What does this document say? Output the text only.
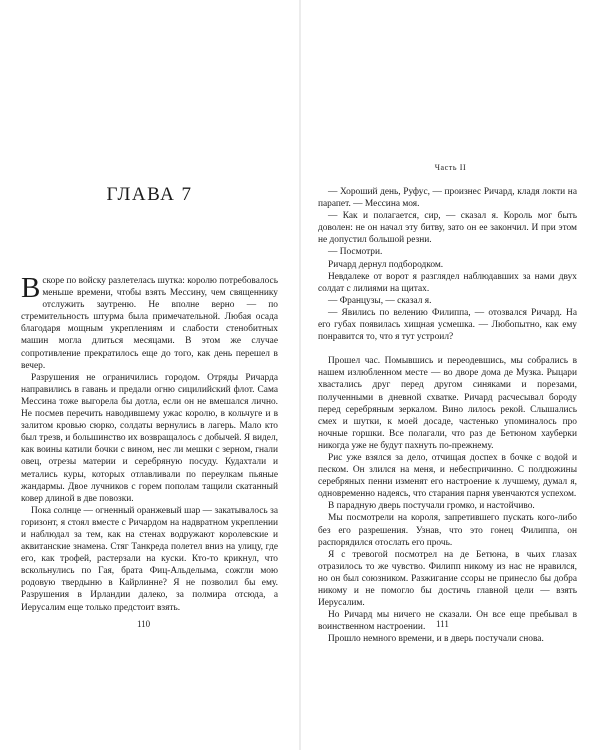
ГЛАВА 7

Вскоре по войску разлетелась шутка: королю потребовалось меньше времени, чтобы взять Мессину, чем священнику отслужить заутреню. Не вполне верно — по стремительность штурма была примечательной. Любая осада благодаря мощным укреплениям и слабости стенобитных машин могла длиться месяцами. В этом же случае сопротивление прекратилось еще до того, как день перешел в вечер.

Разрушения не ограничились городом. Отряды Ричарда направились в гавань и предали огню сицилийский флот. Сама Мессина тоже выгорела бы дотла, если он не вмешался лично. Не посмев перечить наводившему ужас королю, в кольчуге и в залитом кровью сюрко, солдаты вернулись в лагерь. Мало кто был трезв, и большинство их возвращалось с добычей. Я видел, как воины катили бочки с вином, нес ли мешки с зерном, гнали овец, отрезы материи и серебряную посуду. Кудахтали и метались куры, которых отлавливали по переулкам пьяные жандармы. Двое лучников с горем пополам тащили скатанный ковер длиной в две повозки.

Пока солнце — огненный оранжевый шар — закатывалось за горизонт, я стоял вместе с Ричардом на надвратном укреплении и наблюдал за тем, как на стенах водружают королевские и аквитанские знамена. Стяг Танкреда полетел вниз на улицу, где его, как трофей, растерзали на куски. Кто-то крикнул, что вскольнулись по Гая, брата Фиц-Альделыма, сожгли мою родовую твердыню в Кайрлинне? Я не позволил бы ему. Разрушения в Ирландии далеко, за полмира отсюда, а Иерусалим еще только предстоит взять.

110
Часть II

— Хороший день, Руфус, — произнес Ричард, кладя локти на парапет. — Мессина моя.

— Как и полагается, сир, — сказал я. Король мог быть доволен: не он начал эту битву, зато он ее закончил. И при этом не допустил большой резни.

— Посмотри.

Ричард дернул подбородком.

Невдалеке от ворот я разглядел наблюдавших за нами двух солдат с лилиями на щитах.

— Французы, — сказал я.

— Явились по велению Филиппа, — отозвался Ричард. На его губах появилась хищная усмешка. — Любопытно, как ему понравится то, что я тут устроил?

Прошел час. Помывшись и переодевшись, мы собрались в нашем излюбленном месте — во дворе дома де Музка. Рыцари хвастались друг перед другом синяками и порезами, полученными в дневной схватке. Ричард расчесывал бороду перед серебряным зеркалом. Вино лилось рекой. Слышались смех и шутки, к моей досаде, частенько упоминалось про ночные горшки. Все полагали, что раз де Бетюном хауберки никогда уже не будут пахнуть по-прежнему.

Рис уже взялся за дело, отчищая доспех в бочке с водой и песком. Он злился на меня, и небеспричинно. С полдюжины серебряных пенни изменят его настроение к лучшему, думал я, одновременно надеясь, что старания парня увенчаются успехом.

В парадную дверь постучали громко, и настойчиво.

Мы посмотрели на короля, запретившего пускать кого-либо без его разрешения. Узнав, что это гонец Филиппа, он распорядился отослать его прочь.

Я с тревогой посмотрел на де Бетюна, в чьих глазах отразилось то же чувство. Филипп никому из нас не нравился, но он был союзником. Разжигание ссоры не принесло бы добра никому и не помогло бы достичь главной цели — взять Иерусалим.

Но Ричард мы ничего не сказали. Он все еще пребывал в воинственном настроении.

Прошло немного времени, и в дверь постучали снова.

111
